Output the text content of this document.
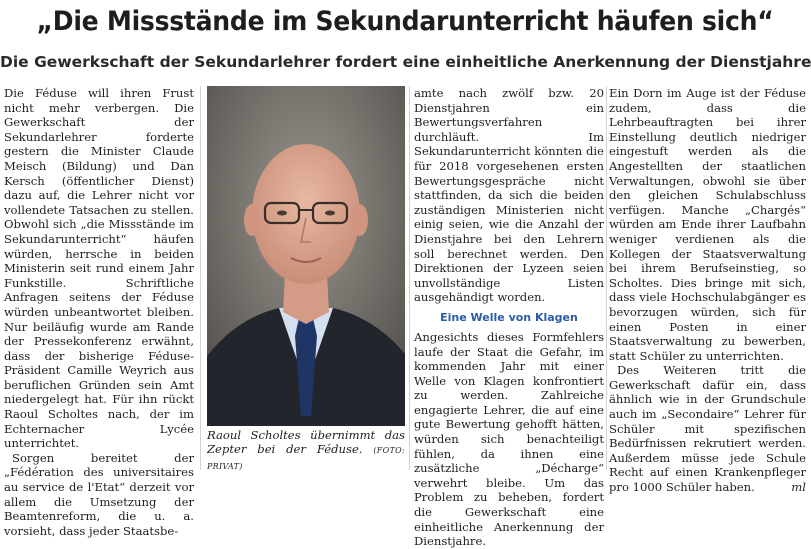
„Die Missstände im Sekundarunterricht häufen sich“
Die Gewerkschaft der Sekundarlehrer fordert eine einheitliche Anerkennung der Dienstjahre

Die Féduse will ihren Frust nicht mehr verbergen. Die Gewerkschaft der Sekundarlehrer forderte gestern die Minister Claude Meisch (Bildung) und Dan Kersch (öffentlicher Dienst) dazu auf, die Lehrer nicht vor vollendete Tatsachen zu stellen. Obwohl sich „die Missstände im Sekundarunterricht“ häufen würden, herrsche in beiden Ministerin seit rund einem Jahr Funkstille. Schriftliche Anfragen seitens der Féduse würden unbeantwortet bleiben. Nur beiläufig wurde am Rande der Pressekonferenz erwähnt, dass der bisherige Féduse-Präsident Camille Weyrich aus beruflichen Gründen sein Amt niedergelegt hat. Für ihn rückt Raoul Scholtes nach, der im Echternacher Lycée unterrichtet.

Sorgen bereitet der „Fédération des universitaires au service de l'Etat“ derzeit vor allem die Umsetzung der Beamtenreform, die u. a. vorsieht, dass jeder Staatsbe-

Raoul Scholtes übernimmt das Zepter bei der Féduse. (FOTO: PRIVAT)

amte nach zwölf bzw. 20 Dienstjahren ein Bewertungsverfahren durchläuft. Im Sekundarunterricht könnten die für 2018 vorgesehenen ersten Bewertungsgespräche nicht stattfinden, da sich die beiden zuständigen Ministerien nicht einig seien, wie die Anzahl der Dienstjahre bei den Lehrern soll berechnet werden. Den Direktionen der Lyzeen seien unvollständige Listen ausgehändigt worden.

Eine Welle von Klagen

Angesichts dieses Formfehlers laufe der Staat die Gefahr, im kommenden Jahr mit einer Welle von Klagen konfrontiert zu werden. Zahlreiche engagierte Lehrer, die auf eine gute Bewertung gehofft hätten, würden sich benachteiligt fühlen, da ihnen eine zusätzliche „Décharge“ verwehrt bleibe. Um das Problem zu beheben, fordert die Gewerkschaft eine einheitliche Anerkennung der Dienstjahre.

Ein Dorn im Auge ist der Féduse zudem, dass die Lehrbeauftragten bei ihrer Einstellung deutlich niedriger eingestuft werden als die Angestellten der staatlichen Verwaltungen, obwohl sie über den gleichen Schulabschluss verfügen. Manche „Chargés“ würden am Ende ihrer Laufbahn weniger verdienen als die Kollegen der Staatsverwaltung bei ihrem Berufseinstieg, so Scholtes. Dies bringe mit sich, dass viele Hochschulabgänger es bevorzugen würden, sich für einen Posten in einer Staatsverwaltung zu bewerben, statt Schüler zu unterrichten.

Des Weiteren tritt die Gewerkschaft dafür ein, dass ähnlich wie in der Grundschule auch im „Secondaire“ Lehrer für Schüler mit spezifischen Bedürfnissen rekrutiert werden. Außerdem müsse jede Schule Recht auf einen Krankenpfleger pro 1000 Schüler haben.	ml
